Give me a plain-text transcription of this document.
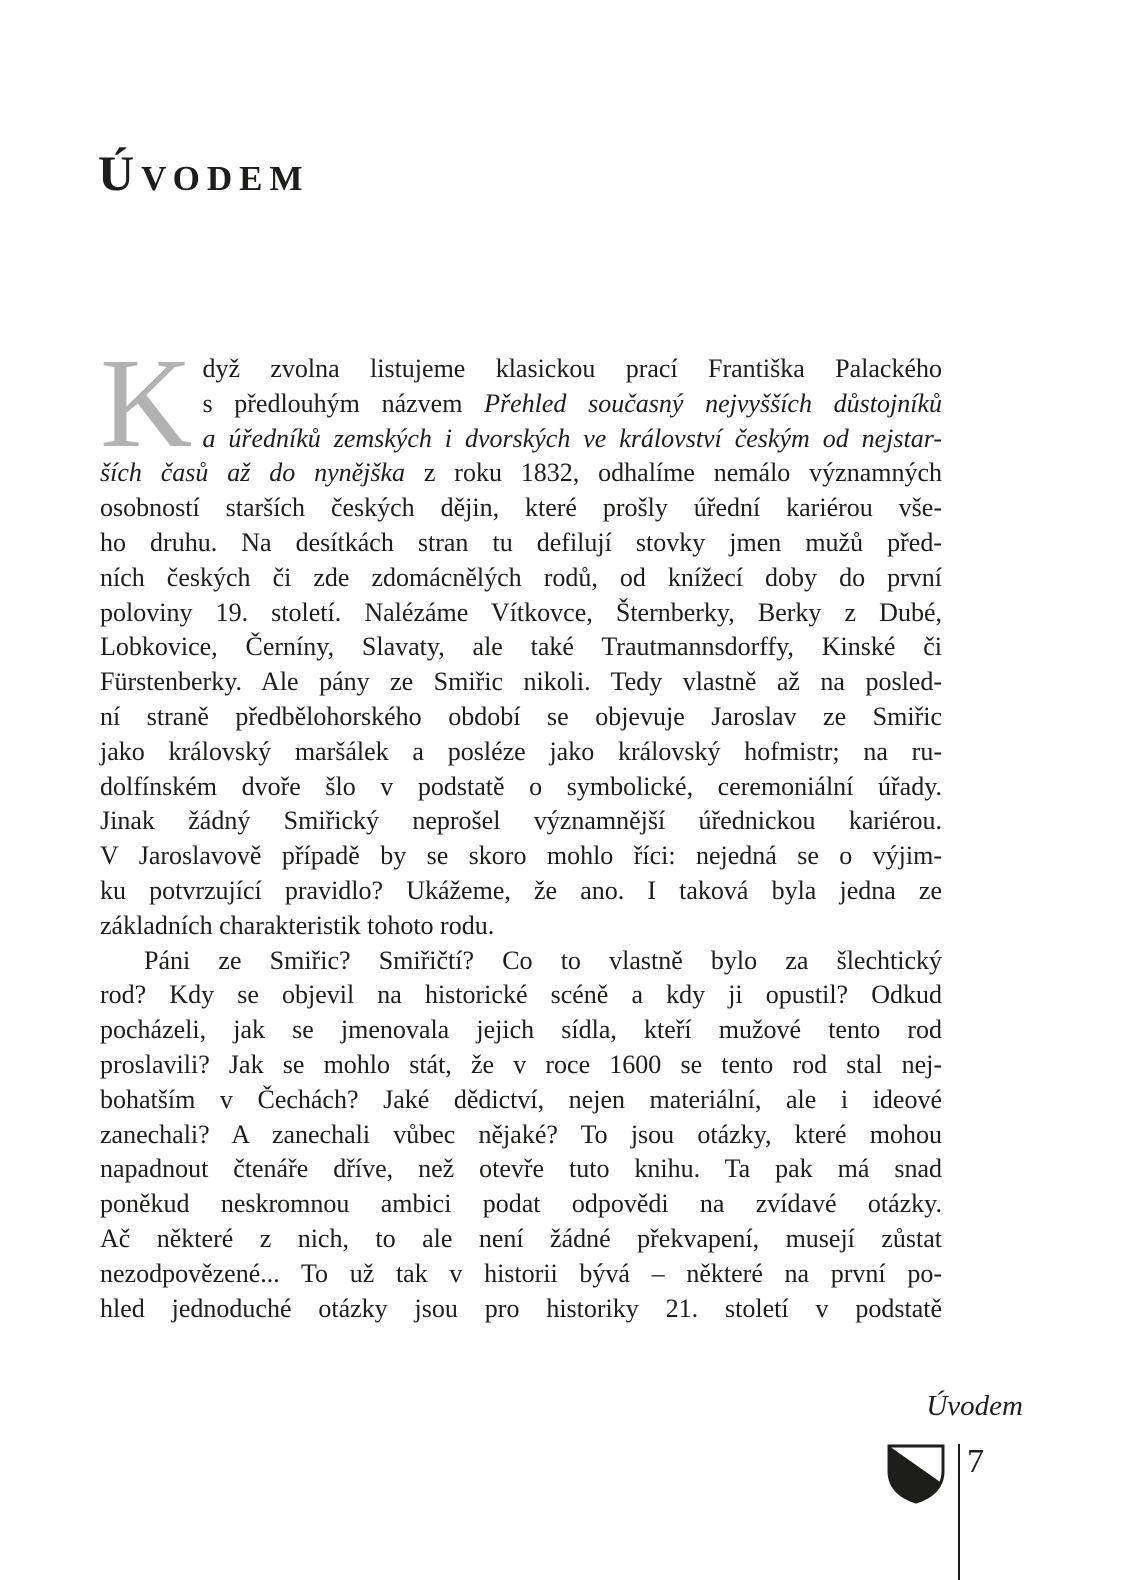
Úvodem
K dyž zvolna listujeme klasickou prací Františka Palackého
s předlouhým názvem Přehled současný nejvyšších důstojníků
a úředníků zemských i dvorských ve království českým od nejstar-
ších časů až do nynějška z roku 1832, odhalíme nemálo významných
osobností starších českých dějin, které prošly úřední kariérou vše-
ho druhu. Na desítkách stran tu defilují stovky jmen mužů před-
ních českých či zde zdomácnělých rodů, od knížecí doby do první
poloviny 19. století. Nalézáme Vítkovce, Šternberky, Berky z Dubé,
Lobkovice, Černíny, Slavaty, ale také Trautmannsdorffy, Kinské či
Fürstenberky. Ale pány ze Smiřic nikoli. Tedy vlastně až na posled-
ní straně předbělohorského období se objevuje Jaroslav ze Smiřic
jako královský maršálek a posléze jako královský hofmistr; na ru-
dolfínském dvoře šlo v podstatě o symbolické, ceremoniální úřady.
Jinak žádný Smiřický neprošel významnější úřednickou kariérou.
V Jaroslavově případě by se skoro mohlo říci: nejedná se o výjim-
ku potvrzující pravidlo? Ukážeme, že ano. I taková byla jedna ze
základních charakteristik tohoto rodu.
Páni ze Smiřic? Smiřičtí? Co to vlastně bylo za šlechtický
rod? Kdy se objevil na historické scéně a kdy ji opustil? Odkud
pocházeli, jak se jmenovala jejich sídla, kteří mužové tento rod
proslavili? Jak se mohlo stát, že v roce 1600 se tento rod stal nej-
bohatším v Čechách? Jaké dědictví, nejen materiální, ale i ideové
zanechali? A zanechali vůbec nějaké? To jsou otázky, které mohou
napadnout čtenáře dříve, než otevře tuto knihu. Ta pak má snad
poněkud neskromnou ambici podat odpovědi na zvídavé otázky.
Ač některé z nich, to ale není žádné překvapení, musejí zůstat
nezodpovězené... To už tak v historii bývá – některé na první po-
hled jednoduché otázky jsou pro historiky 21. století v podstatě
Úvodem
7
